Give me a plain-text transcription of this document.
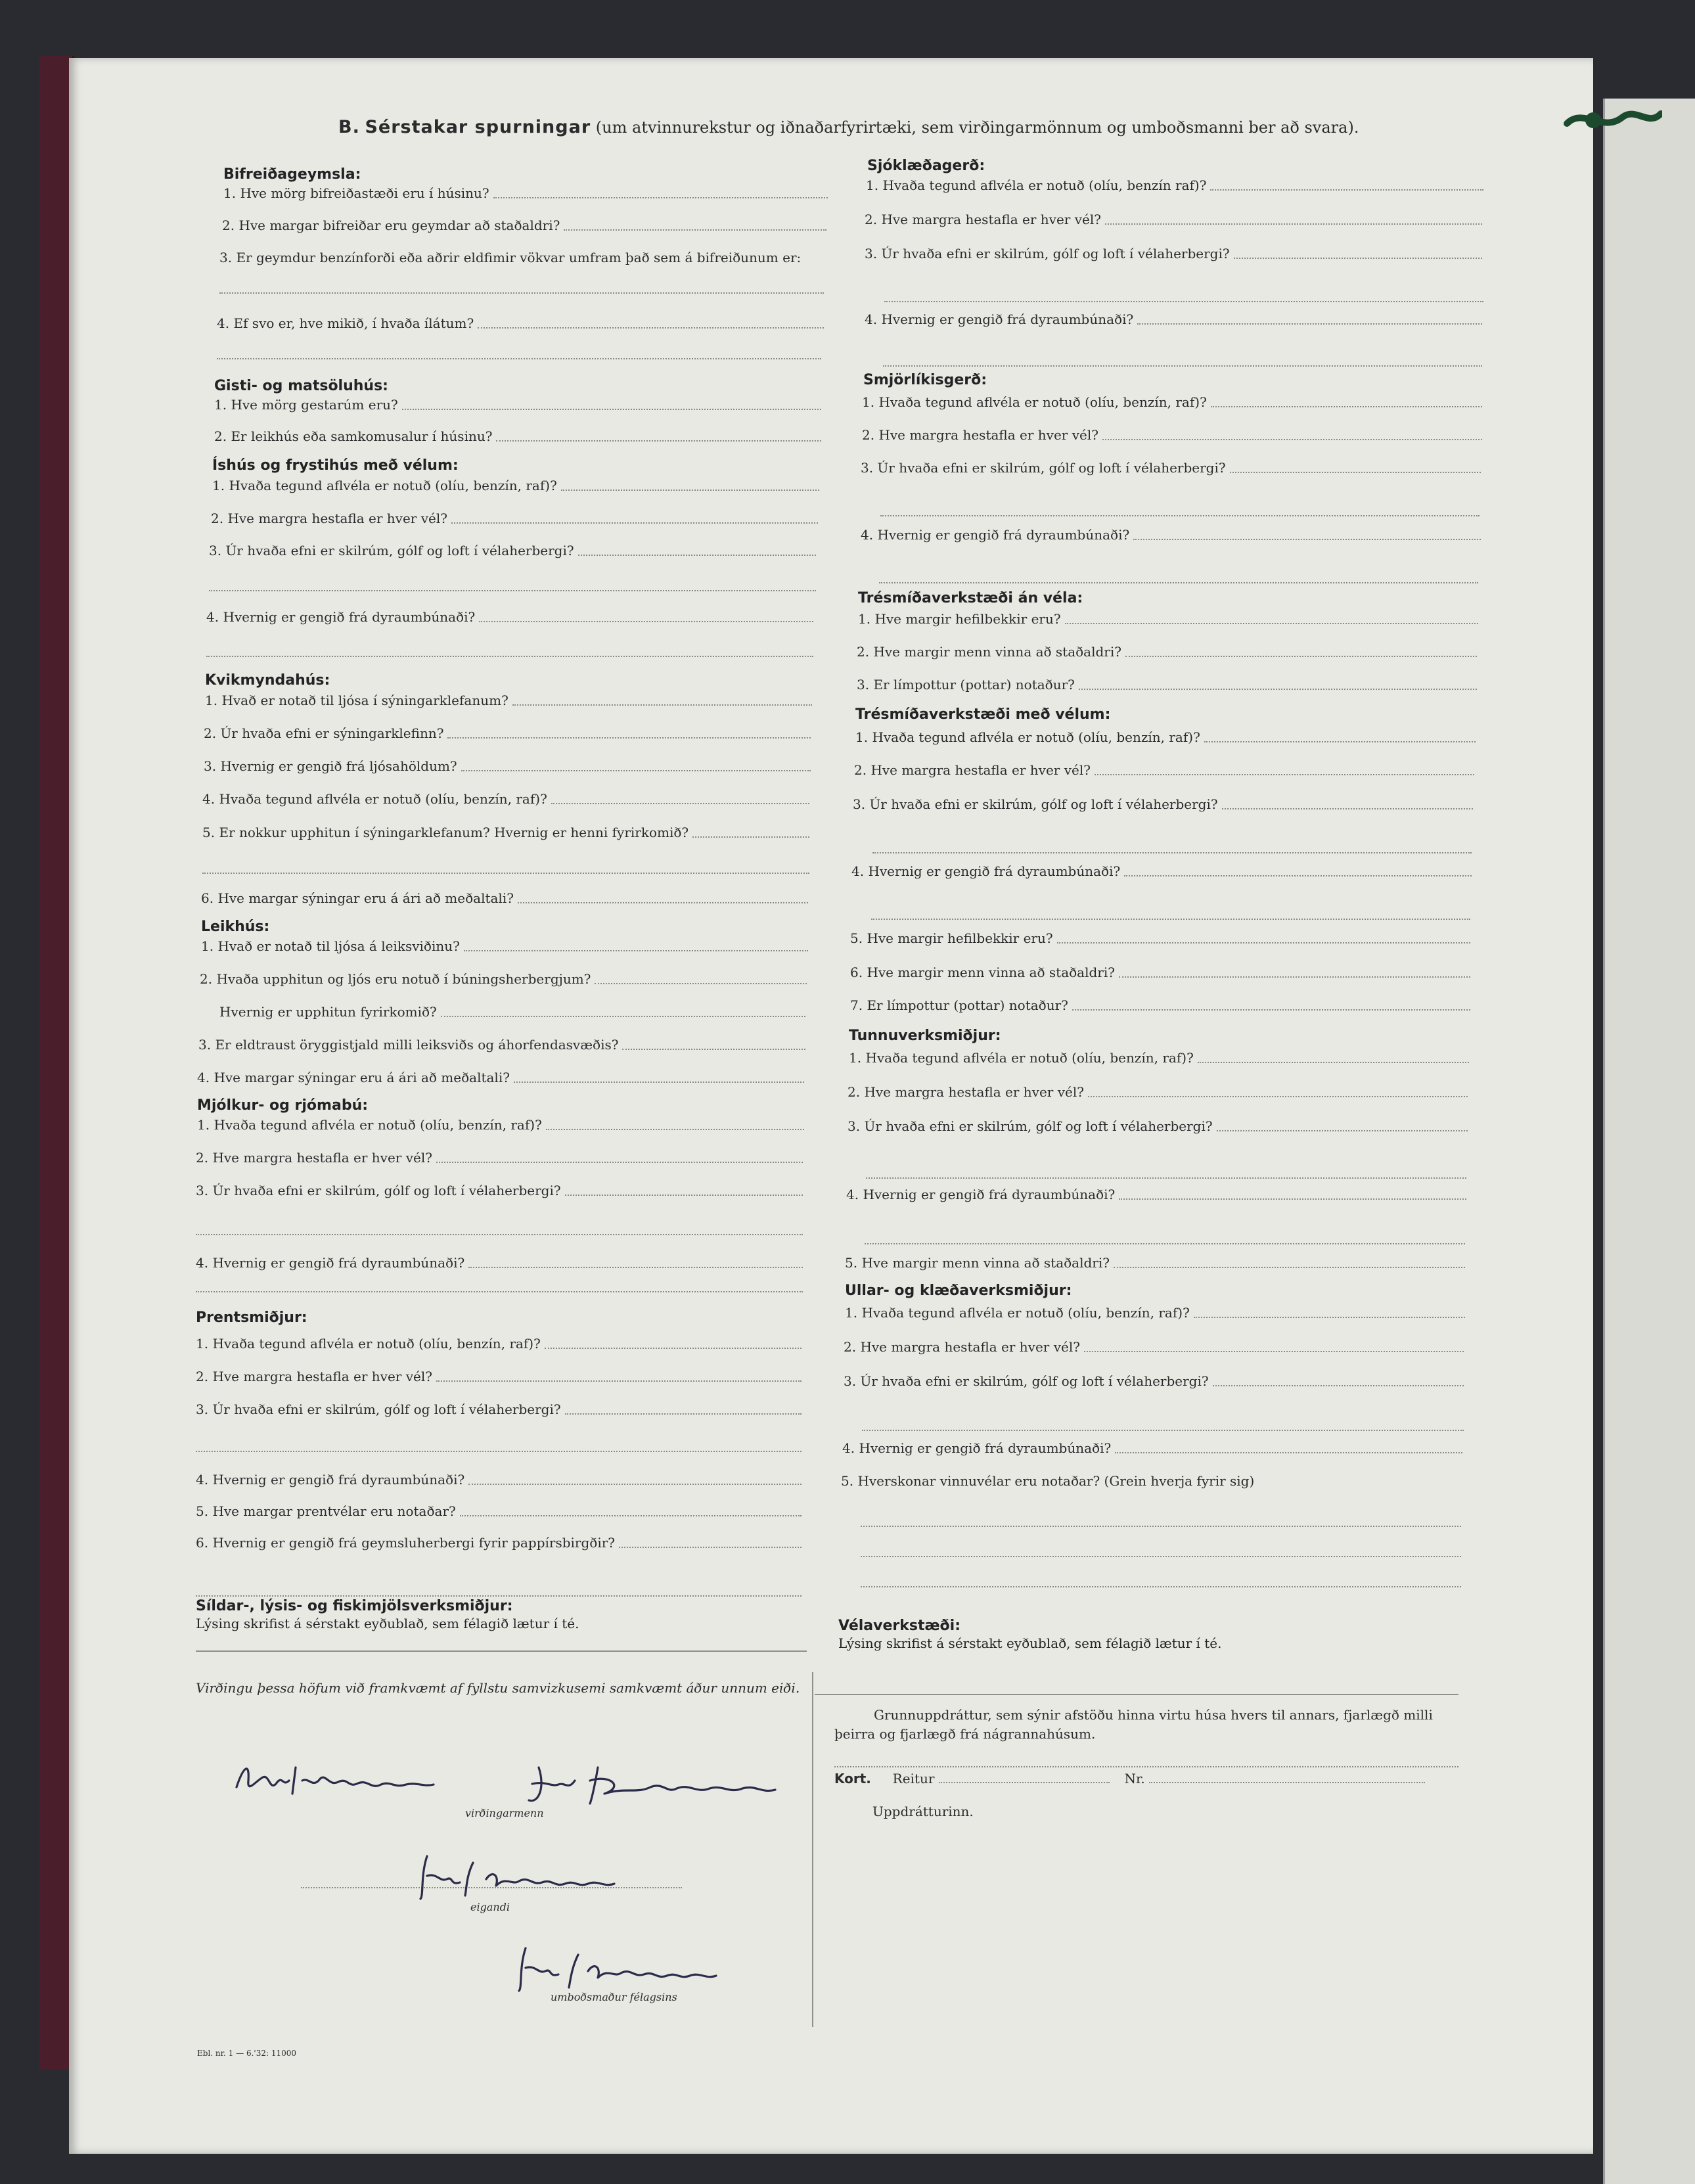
B. Sérstakar spurningar (um atvinnurekstur og iðnaðarfyrirtæki, sem virðingarmönnum og umboðsmanni ber að svara).
Bifreiðageymsla:
1. Hve mörg bifreiðastæði eru í húsinu?
2. Hve margar bifreiðar eru geymdar að staðaldri?
3. Er geymdur benzínforði eða aðrir eldfimir vökvar umfram það sem á bifreiðunum er:
4. Ef svo er, hve mikið, í hvaða ílátum?
Gisti- og matsöluhús:
1. Hve mörg gestarúm eru?
2. Er leikhús eða samkomusalur í húsinu?
Íshús og frystihús með vélum:
1. Hvaða tegund aflvéla er notuð (olíu, benzín, raf)?
2. Hve margra hestafla er hver vél?
3. Úr hvaða efni er skilrúm, gólf og loft í vélaherbergi?
4. Hvernig er gengið frá dyraumbúnaði?
Kvikmyndahús:
1. Hvað er notað til ljósa í sýningarklefanum?
2. Úr hvaða efni er sýningarklefinn?
3. Hvernig er gengið frá ljósahöldum?
4. Hvaða tegund aflvéla er notuð (olíu, benzín, raf)?
5. Er nokkur upphitun í sýningarklefanum? Hvernig er henni fyrirkomið?
6. Hve margar sýningar eru á ári að meðaltali?
Leikhús:
1. Hvað er notað til ljósa á leiksviðinu?
2. Hvaða upphitun og ljós eru notuð í búningsherbergjum?
Hvernig er upphitun fyrirkomið?
3. Er eldtraust öryggistjald milli leiksviðs og áhorfendasvæðis?
4. Hve margar sýningar eru á ári að meðaltali?
Mjólkur- og rjómabú:
1. Hvaða tegund aflvéla er notuð (olíu, benzín, raf)?
2. Hve margra hestafla er hver vél?
3. Úr hvaða efni er skilrúm, gólf og loft í vélaherbergi?
4. Hvernig er gengið frá dyraumbúnaði?
Prentsmiðjur:
1. Hvaða tegund aflvéla er notuð (olíu, benzín, raf)?
2. Hve margra hestafla er hver vél?
3. Úr hvaða efni er skilrúm, gólf og loft í vélaherbergi?
4. Hvernig er gengið frá dyraumbúnaði?
5. Hve margar prentvélar eru notaðar?
6. Hvernig er gengið frá geymsluherbergi fyrir pappírsbirgðir?
Síldar-, lýsis- og fiskimjölsverksmiðjur:
Lýsing skrifist á sérstakt eyðublað, sem félagið lætur í té.
Sjóklæðagerð:
1. Hvaða tegund aflvéla er notuð (olíu, benzín raf)?
2. Hve margra hestafla er hver vél?
3. Úr hvaða efni er skilrúm, gólf og loft í vélaherbergi?
4. Hvernig er gengið frá dyraumbúnaði?
Smjörlíkisgerð:
1. Hvaða tegund aflvéla er notuð (olíu, benzín, raf)?
2. Hve margra hestafla er hver vél?
3. Úr hvaða efni er skilrúm, gólf og loft í vélaherbergi?
4. Hvernig er gengið frá dyraumbúnaði?
Trésmíðaverkstæði án véla:
1. Hve margir hefilbekkir eru?
2. Hve margir menn vinna að staðaldri?
3. Er límpottur (pottar) notaður?
Trésmíðaverkstæði með vélum:
1. Hvaða tegund aflvéla er notuð (olíu, benzín, raf)?
2. Hve margra hestafla er hver vél?
3. Úr hvaða efni er skilrúm, gólf og loft í vélaherbergi?
4. Hvernig er gengið frá dyraumbúnaði?
5. Hve margir hefilbekkir eru?
6. Hve margir menn vinna að staðaldri?
7. Er límpottur (pottar) notaður?
Tunnuverksmiðjur:
1. Hvaða tegund aflvéla er notuð (olíu, benzín, raf)?
2. Hve margra hestafla er hver vél?
3. Úr hvaða efni er skilrúm, gólf og loft í vélaherbergi?
4. Hvernig er gengið frá dyraumbúnaði?
5. Hve margir menn vinna að staðaldri?
Ullar- og klæðaverksmiðjur:
1. Hvaða tegund aflvéla er notuð (olíu, benzín, raf)?
2. Hve margra hestafla er hver vél?
3. Úr hvaða efni er skilrúm, gólf og loft í vélaherbergi?
4. Hvernig er gengið frá dyraumbúnaði?
5. Hverskonar vinnuvélar eru notaðar? (Grein hverja fyrir sig)
Vélaverkstæði:
Lýsing skrifist á sérstakt eyðublað, sem félagið lætur í té.
Virðingu þessa höfum við framkvæmt af fyllstu samvizkusemi samkvæmt áður unnum eiði.
virðingarmenn
eigandi
umboðsmaður félagsins
Grunnuppdráttur, sem sýnir afstöðu hinna virtu húsa hvers til annars, fjarlægð milli þeirra og fjarlægð frá nágrannahúsum.
Kort. Reitur	Nr.
Uppdrátturinn.
Ebl. nr. 1 — 6.'32: 11000
